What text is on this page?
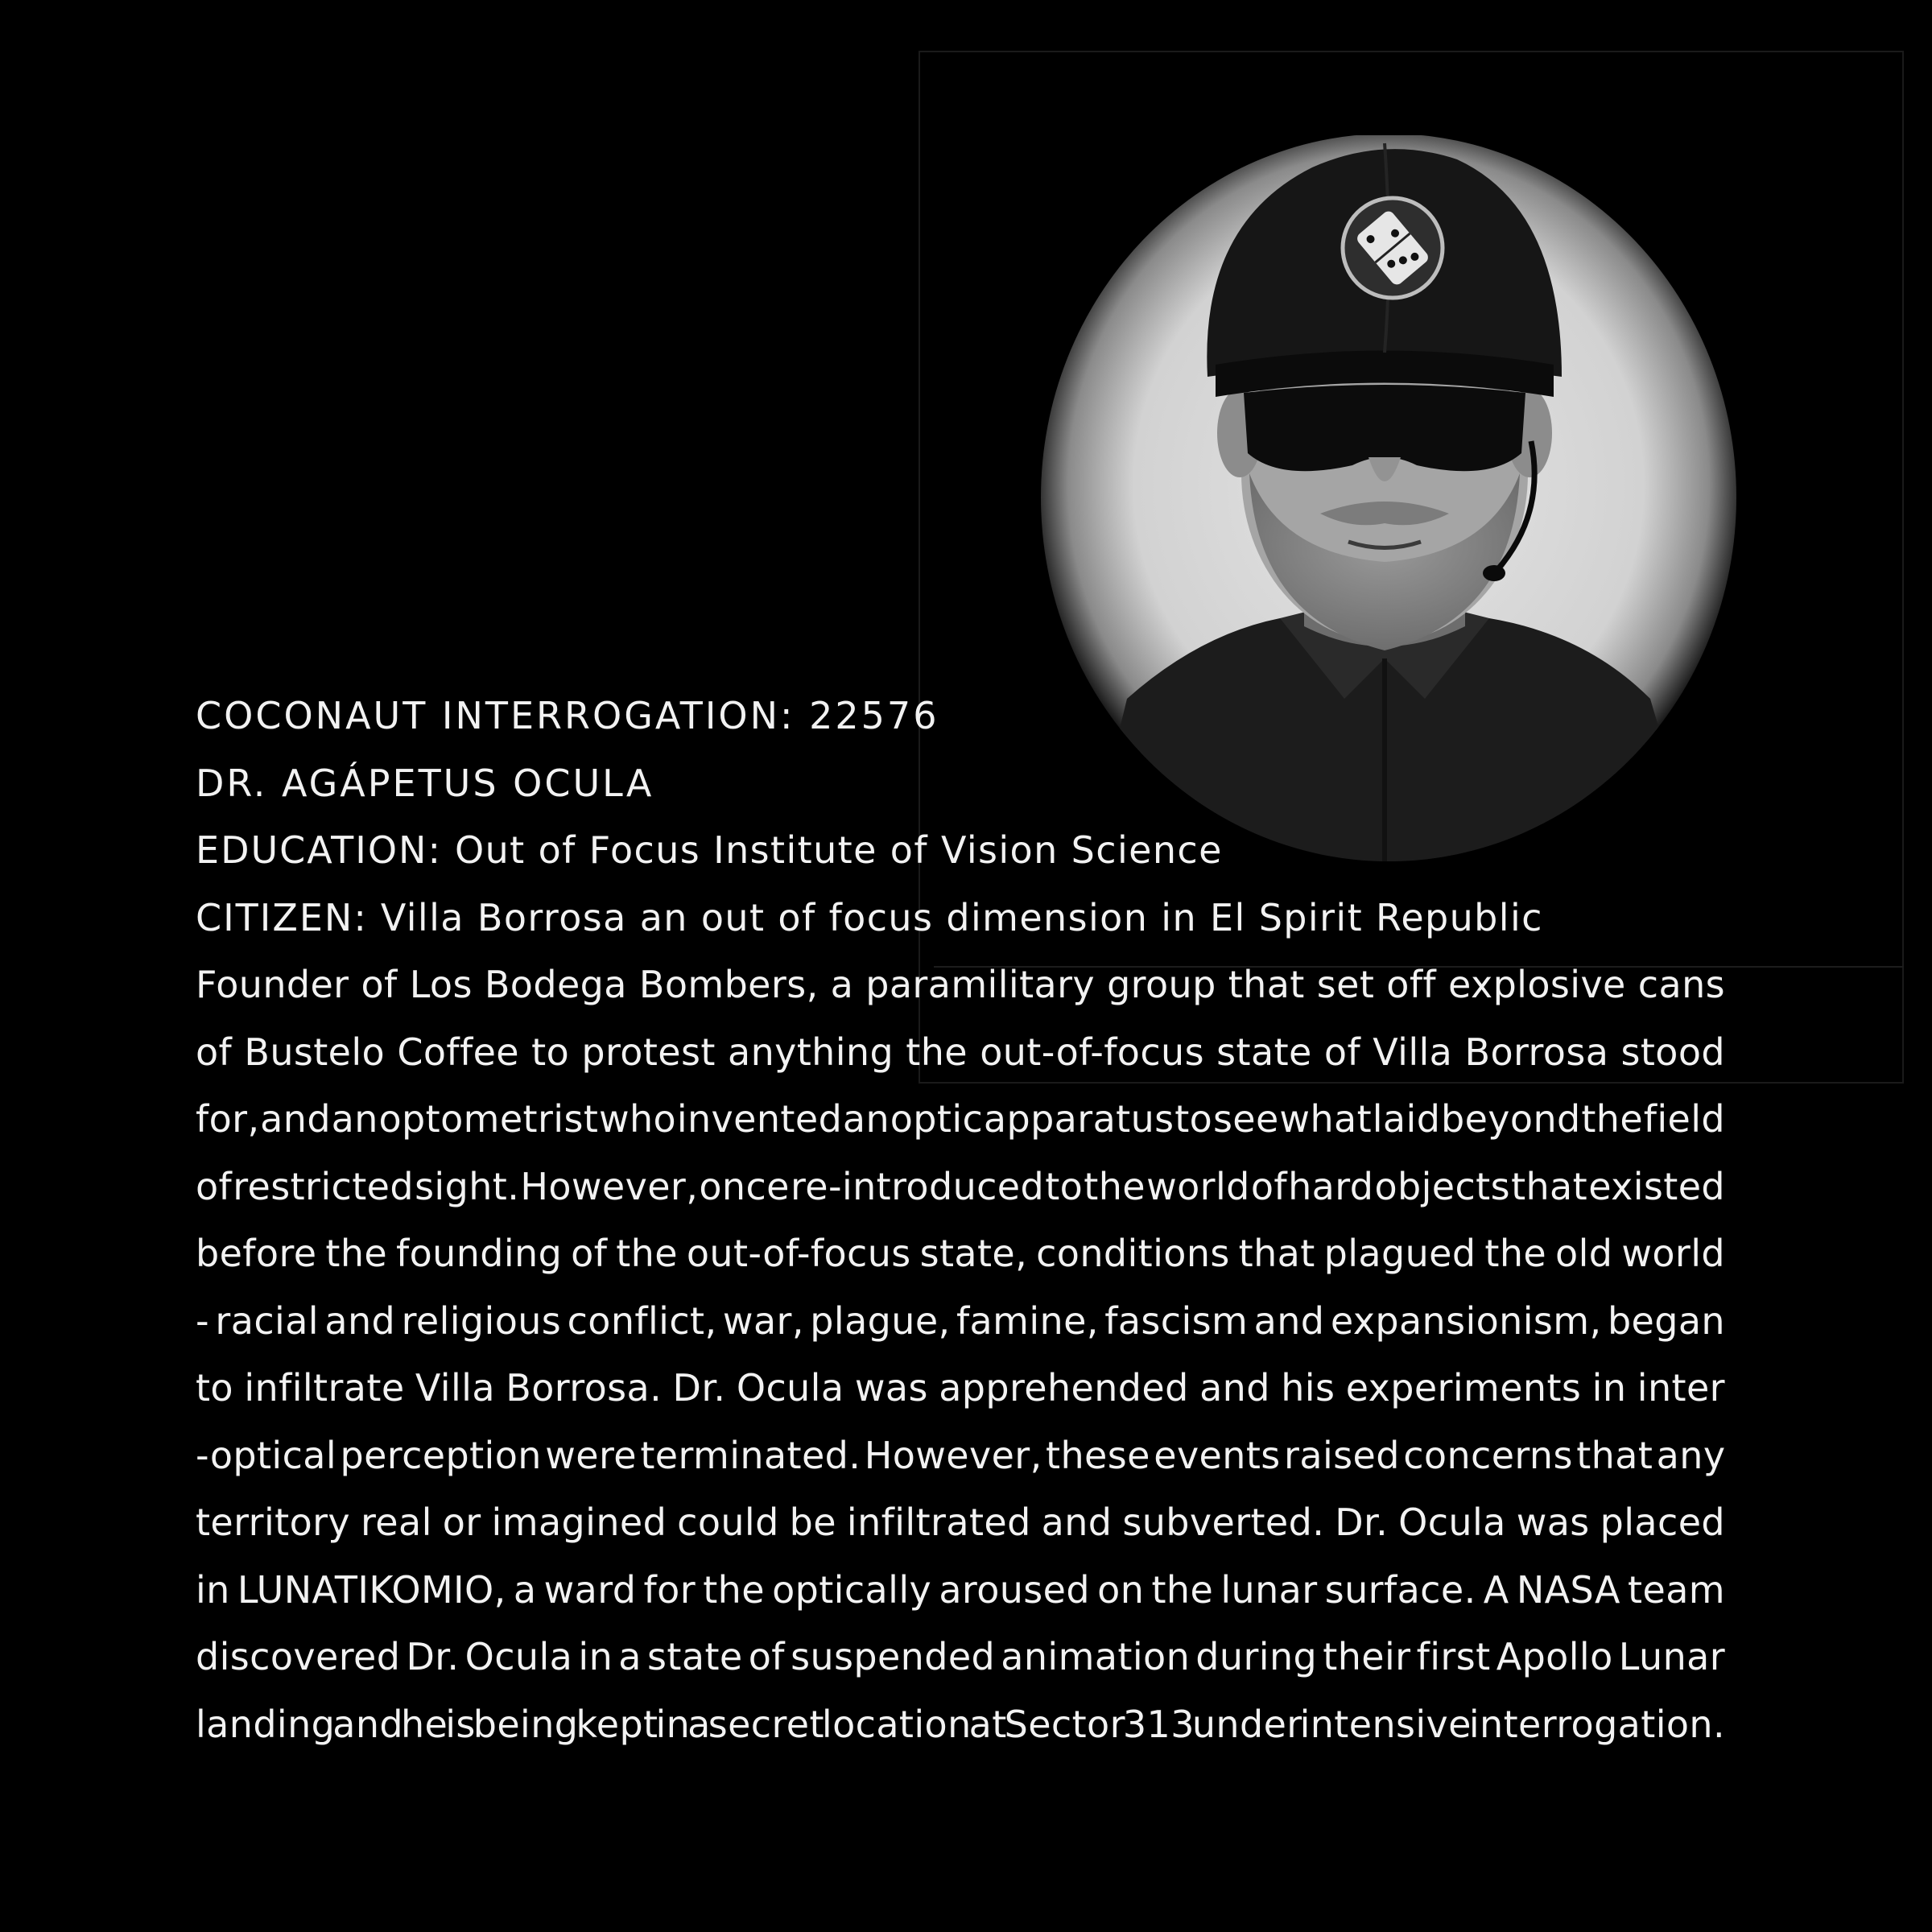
COCONAUT INTERROGATION: 22576

DR. AGÁPETUS OCULA

EDUCATION: Out of Focus Institute of Vision Science

CITIZEN: Villa Borrosa an out of focus dimension in El Spirit Republic

Founder of Los Bodega Bombers, a paramilitary group that set off explosive cans
of Bustelo Coffee to protest anything the out-of-focus state of Villa Borrosa stood
for, and an optometrist who invented an optic apparatus to see what laid beyond the field
of restricted sight. However, once re-introduced to the world of hard objects that existed
before the founding of the out-of-focus state, conditions that plagued the old world
- racial and religious conflict, war, plague, famine, fascism and expansionism, began
to infiltrate Villa Borrosa. Dr. Ocula was apprehended and his experiments in inter
-optical perception were terminated. However, these events raised concerns that any
territory real or imagined could be infiltrated and subverted. Dr. Ocula was placed
in LUNATIKOMIO, a ward for the optically aroused on the lunar surface. A NASA team
discovered Dr. Ocula in a state of suspended animation during their first Apollo Lunar
landing and he is being kept in a secret location at Sector 313 under intensive interrogation.
